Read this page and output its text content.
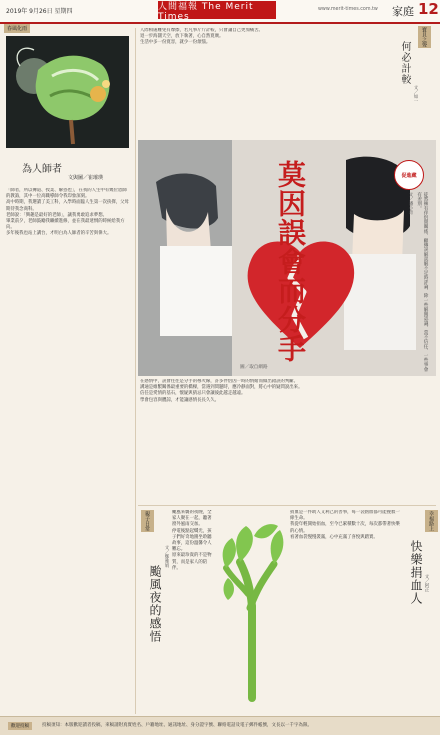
2019年 9月26日 星期四	人間福報 The Merit Times
www.merit-times.com.tw 家庭 12
春風化雨
為人師者
文與圖／崔璀瑛
「師者，所以傳道、授業、解惑也」，在我的人生中有幾位恩師的教誨，其中一位高職導師令我印象深刻。
高中時期，我選讀了美工科，入學時面臨人生第一次抉擇，父母期待我念商科。
老師說：「興趣是最好的老師」，讓我勇敢追求夢想。
畢業前夕，老師鼓勵我繼續進修，並在我最迷惘的時候給我方向。
多年後我也站上講台，才明白為人師者的辛苦與偉大。
人際相處難免有摩擦，若凡事斤斤計較，只會讓自己更加痛苦。
退一步海闊天空，放下執著，心自然寬廣。
生活中多一份寬容，就少一份煩惱。	寶貝之聲
何必計較
文／如一
莫因誤會而分手	促進藏
文／潘小奇	徒然擁有伴侶間關係，顧傳誤解誤解不足時評論，除一些解開認識，當不信任、一些事會有差別。
圖／取自網路
在感情中，誤會往往是分手的導火線，許多伴侶因一時的情緒而做出錯誤的判斷。
溝通是維繫關係最重要的橋樑，當遇到問題時，應冷靜面對，將心中的疑問說出來。
信任是愛情的基石，懷疑與猜忌只會讓彼此越走越遠。
學會包容與體諒，才能讓感情長長久久。
親子日常
颱風夜的感悟
文／鄭雅娟
颱風來襲的夜晚，全家人聚在一起，聽著窗外風雨交加。
停電後點起燭光，孩子們好奇地圍坐聆聽故事，這份溫馨令人難忘。
原來最珍貴的不是物質，而是家人的陪伴。
幸福路上
快樂捐血人 文／阿正
捐血是一件助人又利己的善事，每一袋熱血都可能挽救一條生命。
我從年輕開始捐血，至今已累積數十次，每次都帶著快樂的心情。
看著血袋慢慢裝滿，心中充滿了喜悅與踏實。
歡迎投稿	投稿須知：本版歡迎讀者投稿，來稿請附真實姓名、戶籍地址、通訊地址、身分證字號、聯絡電話及電子郵件帳號，文長以一千字為限。
